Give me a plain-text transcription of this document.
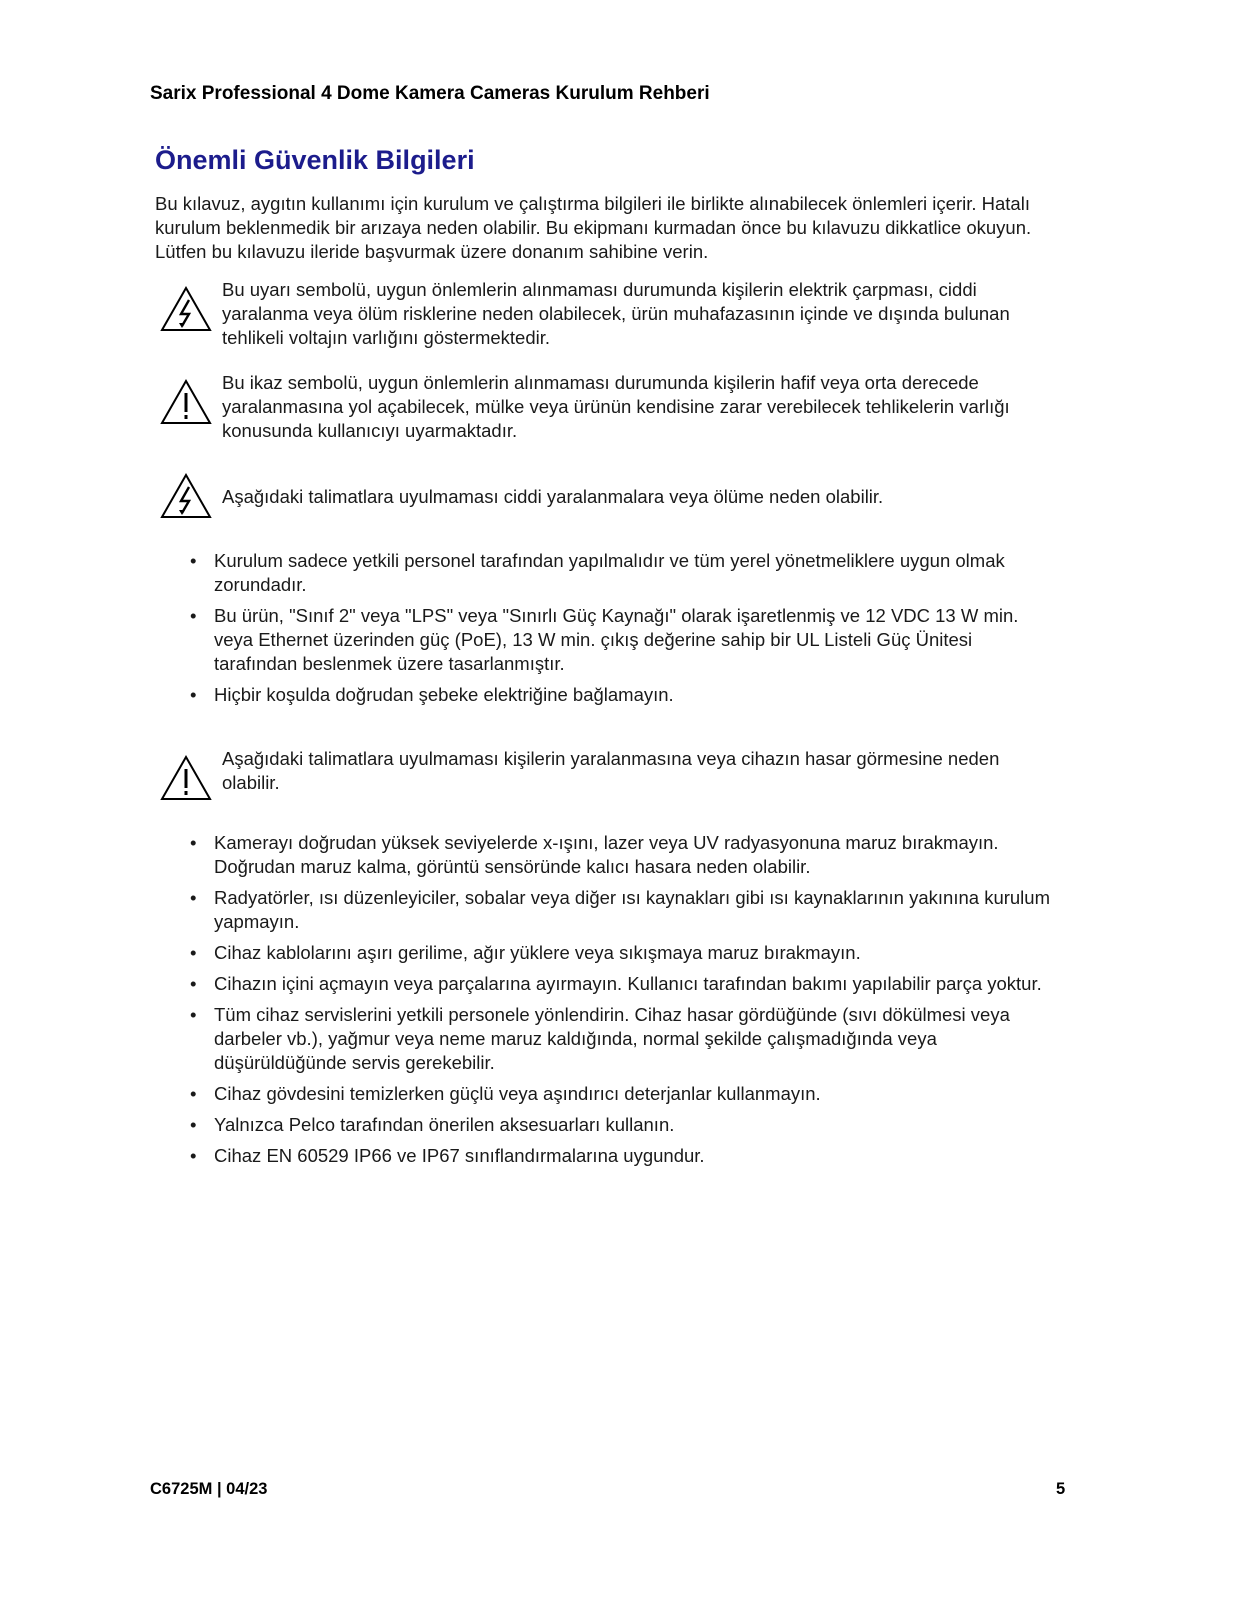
Sarix Professional 4 Dome Kamera Cameras Kurulum Rehberi
Önemli Güvenlik Bilgileri
Bu kılavuz, aygıtın kullanımı için kurulum ve çalıştırma bilgileri ile birlikte alınabilecek önlemleri içerir. Hatalı kurulum beklenmedik bir arızaya neden olabilir. Bu ekipmanı kurmadan önce bu kılavuzu dikkatlice okuyun. Lütfen bu kılavuzu ileride başvurmak üzere donanım sahibine verin.
Bu uyarı sembolü, uygun önlemlerin alınmaması durumunda kişilerin elektrik çarpması, ciddi yaralanma veya ölüm risklerine neden olabilecek, ürün muhafazasının içinde ve dışında bulunan tehlikeli voltajın varlığını göstermektedir.
Bu ikaz sembolü, uygun önlemlerin alınmaması durumunda kişilerin hafif veya orta derecede yaralanmasına yol açabilecek, mülke veya ürünün kendisine zarar verebilecek tehlikelerin varlığı konusunda kullanıcıyı uyarmaktadır.
Aşağıdaki talimatlara uyulmaması ciddi yaralanmalara veya ölüme neden olabilir.
• Kurulum sadece yetkili personel tarafından yapılmalıdır ve tüm yerel yönetmeliklere uygun olmak zorundadır.
• Bu ürün, "Sınıf 2" veya "LPS" veya "Sınırlı Güç Kaynağı" olarak işaretlenmiş ve 12 VDC 13 W min. veya Ethernet üzerinden güç (PoE), 13 W min. çıkış değerine sahip bir UL Listeli Güç Ünitesi tarafından beslenmek üzere tasarlanmıştır.
• Hiçbir koşulda doğrudan şebeke elektriğine bağlamayın.
Aşağıdaki talimatlara uyulmaması kişilerin yaralanmasına veya cihazın hasar görmesine neden olabilir.
• Kamerayı doğrudan yüksek seviyelerde x-ışını, lazer veya UV radyasyonuna maruz bırakmayın. Doğrudan maruz kalma, görüntü sensöründe kalıcı hasara neden olabilir.
• Radyatörler, ısı düzenleyiciler, sobalar veya diğer ısı kaynakları gibi ısı kaynaklarının yakınına kurulum yapmayın.
• Cihaz kablolarını aşırı gerilime, ağır yüklere veya sıkışmaya maruz bırakmayın.
• Cihazın içini açmayın veya parçalarına ayırmayın. Kullanıcı tarafından bakımı yapılabilir parça yoktur.
• Tüm cihaz servislerini yetkili personele yönlendirin. Cihaz hasar gördüğünde (sıvı dökülmesi veya darbeler vb.), yağmur veya neme maruz kaldığında, normal şekilde çalışmadığında veya düşürüldüğünde servis gerekebilir.
• Cihaz gövdesini temizlerken güçlü veya aşındırıcı deterjanlar kullanmayın.
• Yalnızca Pelco tarafından önerilen aksesuarları kullanın.
• Cihaz EN 60529 IP66 ve IP67 sınıflandırmalarına uygundur.
C6725M | 04/23	5
